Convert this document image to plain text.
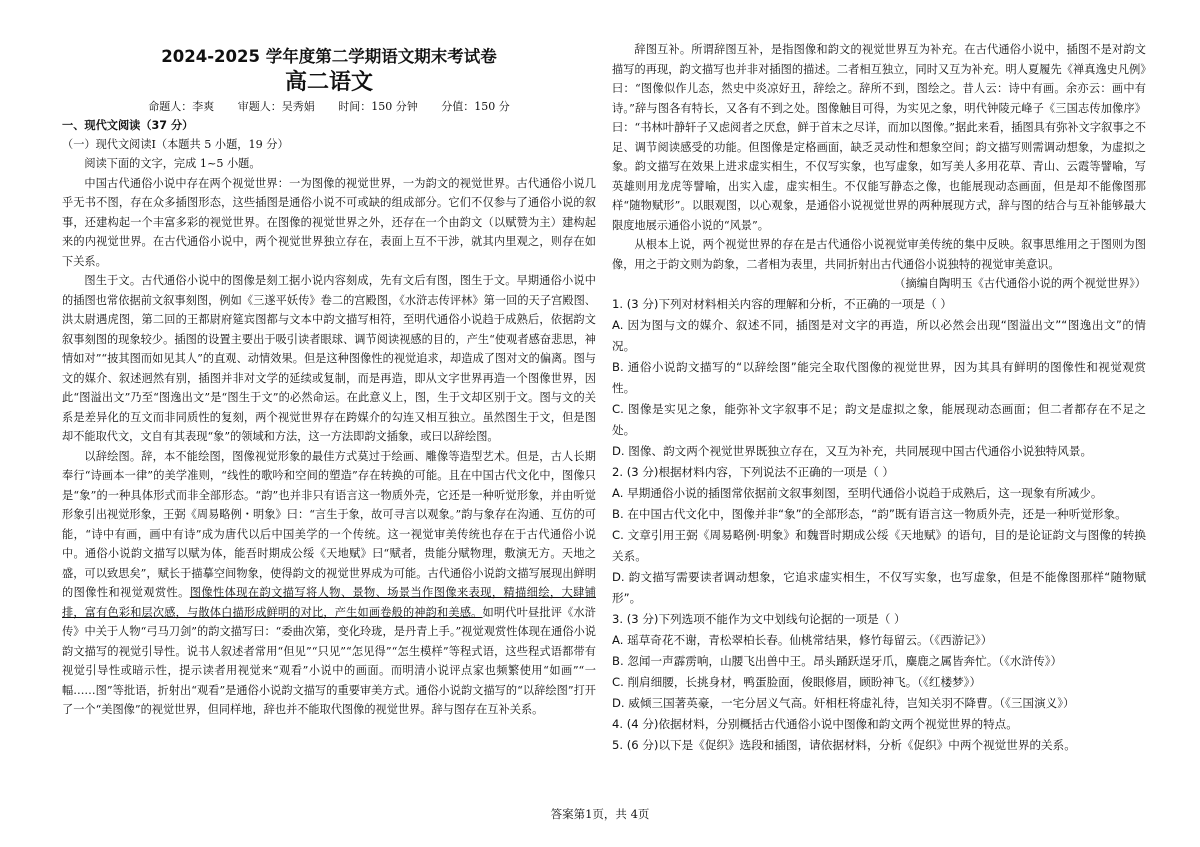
2024-2025 学年度第二学期语文期末考试卷
高二语文
命题人：李爽 审题人：吴秀娟 时间：150 分钟 分值：150 分
一、现代文阅读（37 分）
（一）现代文阅读Ⅰ（本题共 5 小题，19 分）

阅读下面的文字，完成 1~5 小题。

中国古代通俗小说中存在两个视觉世界：一为图像的视觉世界，一为韵文的视觉世界。古代通俗小说几乎无书不图，存在众多插图形态，这些插图是通俗小说不可或缺的组成部分。它们不仅参与了通俗小说的叙事，还建构起一个丰富多彩的视觉世界。在图像的视觉世界之外，还存在一个由韵文（以赋赞为主）建构起来的内视觉世界。在古代通俗小说中，两个视觉世界独立存在，表面上互不干涉，就其内里观之，则存在如下关系。

图生于文。古代通俗小说中的图像是刻工据小说内容刻成，先有文后有图，图生于文。早期通俗小说中的插图也常依据前文叙事刻图，例如《三遂平妖传》卷二的宫殿图，《水浒志传评林》第一回的天子宫殿图、洪太尉遇虎图，第二回的王都尉府筵宾图都与文本中韵文描写相符，至明代通俗小说趋于成熟后，依据韵文叙事刻图的现象较少。插图的设置主要出于吸引读者眼球、调节阅读视感的目的，产生“使观者感奋悲思，神情如对”“披其图而如见其人”的直观、动情效果。但是这种图像性的视觉追求，却造成了图对文的偏离。图与文的媒介、叙述迥然有别，插图并非对文学的延续或复制，而是再造，即从文字世界再造一个图像世界，因此“图溢出文”乃至“图逸出文”是“图生于文”的必然命运。在此意义上，图，生于文却区别于文。图与文的关系是差异化的互文而非同质性的复刻，两个视觉世界存在跨媒介的勾连又相互独立。虽然图生于文，但是图却不能取代文，文自有其表现“象”的领域和方法，这一方法即韵文插象，或曰以辞绘图。

以辞绘图。辞，本不能绘图，图像视觉形象的最佳方式莫过于绘画、雕像等造型艺术。但是，古人长期奉行“诗画本一律”的美学准则，“线性的歌吟和空间的塑造”存在转换的可能。且在中国古代文化中，图像只是“象”的一种具体形式而非全部形态。“韵”也并非只有语言这一物质外壳，它还是一种听觉形象，并由听觉形象引出视觉形象，王弼《周易略例・明象》曰：“言生于象，故可寻言以观象。”韵与象存在沟通、互仿的可能，“诗中有画，画中有诗”成为唐代以后中国美学的一个传统。这一视觉审美传统也存在于古代通俗小说中。通俗小说韵文描写以赋为体，能吾时期成公绥《天地赋》曰“赋者，贵能分赋物理，敷演无方。天地之盛，可以致思矣”，赋长于描摹空间物象，使得韵文的视觉世界成为可能。古代通俗小说韵文描写展现出鲜明的图像性和视觉观赏性。图像性体现在韵文描写将人物、景物、场景当作图像来表现，精描细绘，大肆铺排，富有色彩和层次感，与散体白描形成鲜明的对比，产生如画卷般的神韵和美感。如明代叶昼批评《水浒传》中关于人物“弓马刀剑”的韵文描写曰：“委曲次第，变化玲珑，是丹青上手。”视觉观赏性体现在通俗小说韵文描写的视觉引导性。说书人叙述者常用“但见”“只见”“怎见得”“怎生模样”等程式语，这些程式语都带有视觉引导性或暗示性，提示读者用视觉来“观看”小说中的画面。而明清小说评点家也频繁使用“如画”“一幅……图”等批语，折射出“观看”是通俗小说韵文描写的重要审美方式。通俗小说韵文描写的“以辞绘图”打开了一个“美图像”的视觉世界，但同样地，辞也并不能取代图像的视觉世界。辞与图存在互补关系。

辞图互补。所谓辞图互补，是指图像和韵文的视觉世界互为补充。在古代通俗小说中，插图不是对韵文描写的再现，韵文描写也并非对插图的描述。二者相互独立，同时又互为补充。明人夏履先《禅真逸史凡例》曰：“图像似作儿态，然史中炎凉好丑，辞绘之。辞所不到，图绘之。昔人云：诗中有画。余亦云：画中有诗。”辞与图各有特长，又各有不到之处。图像触目可得，为实见之象，明代钟陵元峰子《三国志传加像序》曰：“书林叶静轩子又虑阅者之厌怠，鲜于首末之尽详，而加以图像。”据此来看，插图具有弥补文字叙事之不足、调节阅读感受的功能。但图像是定格画面，缺乏灵动性和想象空间；韵文描写则需调动想象，为虚拟之象。韵文描写在效果上进求虚实相生，不仅写实象，也写虚象，如写美人多用花草、青山、云霞等譬喻，写英雄则用龙虎等譬喻，出实入虚，虚实相生。不仅能写静态之像，也能展现动态画面，但是却不能像图那样“随物赋形”。以眼观图，以心观象，是通俗小说视觉世界的两种展现方式，辞与图的结合与互补能够最大限度地展示通俗小说的“风景”。

从根本上说，两个视觉世界的存在是古代通俗小说视觉审美传统的集中反映。叙事思维用之于图则为图像，用之于韵文则为韵象，二者相为表里，共同折射出古代通俗小说独特的视觉审美意识。

（摘编自陶明玉《古代通俗小说的两个视觉世界》）
1. (3 分)下列对材料相关内容的理解和分析，不正确的一项是（ ）
A. 因为图与文的媒介、叙述不同，插图是对文字的再造，所以必然会出现“图溢出文”“图逸出文”的情况。
B. 通俗小说韵文描写的“以辞绘图”能完全取代图像的视觉世界，因为其具有鲜明的图像性和视觉观赏性。
C. 图像是实见之象，能弥补文字叙事不足；韵文是虚拟之象，能展现动态画面；但二者都存在不足之处。
D. 图像、韵文两个视觉世界既独立存在，又互为补充，共同展现中国古代通俗小说独特风景。
2. (3 分)根据材料内容，下列说法不正确的一项是（ ）
A. 早期通俗小说的插图常依据前文叙事刻图，至明代通俗小说趋于成熟后，这一现象有所减少。
B. 在中国古代文化中，图像并非“象”的全部形态，“韵”既有语言这一物质外壳，还是一种听觉形象。
C. 文章引用王弼《周易略例·明象》和魏晋时期成公绥《天地赋》的语句，目的是论证韵文与图像的转换关系。
D. 韵文描写需要读者调动想象，它追求虚实相生，不仅写实象，也写虚象，但是不能像图那样“随物赋形”。
3. (3 分)下列选项不能作为文中划线句论据的一项是（ ）
A. 瑶草奇花不谢，青松翠柏长春。仙桃常结果，修竹每留云。（《西游记》）
B. 忽闻一声霹雳响，山腰飞出兽中王。昂头踊跃逞牙爪，麋鹿之属皆奔忙。（《水浒传》）
C. 削肩细腰，长挑身材，鸭蛋脸面，俊眼修眉，顾盼神飞。（《红楼梦》）
D. 威倾三国著英豪，一宅分居义气高。奸相枉将虚礼待，岂知关羽不降曹。（《三国演义》）
4. (4 分)依据材料，分别概括古代通俗小说中图像和韵文两个视觉世界的特点。
5. (6 分)以下是《促织》选段和插图，请依据材料，分析《促织》中两个视觉世界的关系。
答案第1页，共 4页
